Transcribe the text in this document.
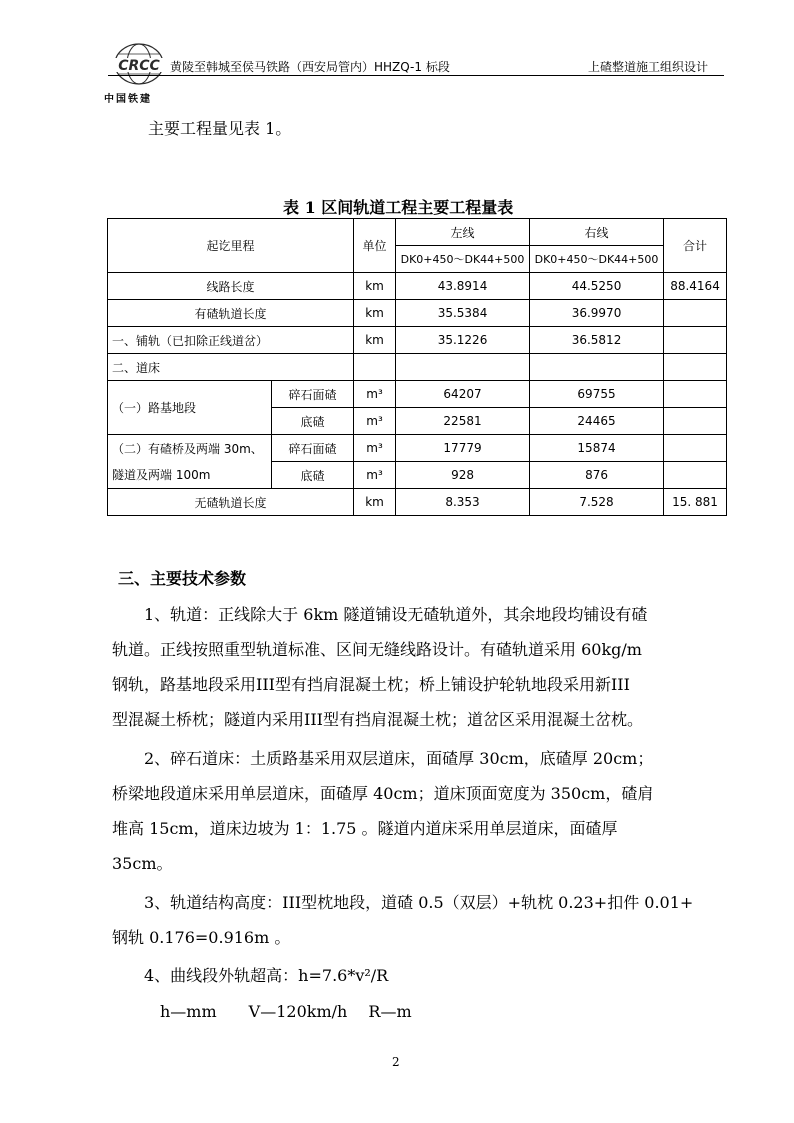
CRCC
中国铁建
黄陵至韩城至侯马铁路（西安局管内）HHZQ-1 标段	上碴整道施工组织设计
主要工程量见表 1。
表 1 区间轨道工程主要工程量表
起讫里程		单位	左线	右线	合计
			DK0+450～DK44+500	DK0+450～DK44+500	
线路长度		km	43.8914	44.5250	88.4164
有碴轨道长度		km	35.5384	36.9970	
一、铺轨（已扣除正线道岔）		km	35.1226	36.5812	
二、道床					
（一）路基地段	碎石面碴	m³	64207	69755	
	底碴	m³	22581	24465	

（二）有碴桥及两端 30m、
隧道及两端 100m	碎石面碴	m³	17779	15874	
	底碴	m³	928	876	
无碴轨道长度		km	8.353	7.528	15. 881
三、主要技术参数
　　1、轨道：正线除大于 6km 隧道铺设无碴轨道外，其余地段均铺设有碴
轨道。正线按照重型轨道标准、区间无缝线路设计。有碴轨道采用 60kg/m
钢轨，路基地段采用III型有挡肩混凝土枕；桥上铺设护轮轨地段采用新III
型混凝土桥枕；隧道内采用III型有挡肩混凝土枕；道岔区采用混凝土岔枕。
　　2、碎石道床：土质路基采用双层道床，面碴厚 30cm，底碴厚 20cm；
桥梁地段道床采用单层道床，面碴厚 40cm；道床顶面宽度为 350cm，碴肩
堆高 15cm，道床边坡为 1：1.75 。隧道内道床采用单层道床，面碴厚
35cm。
　　3、轨道结构高度：III型枕地段，道碴 0.5（双层）+轨枕 0.23+扣件 0.01+
钢轨 0.176=0.916m 。
　　4、曲线段外轨超高：h=7.6*v²/R
　　　h—mm　　V—120km/h　 R—m
2
